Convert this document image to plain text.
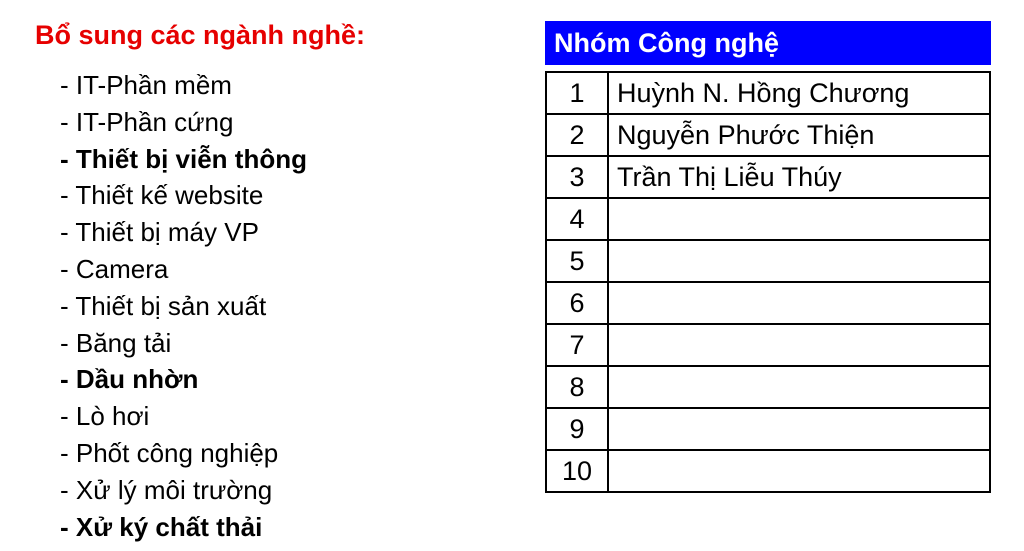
Bổ sung các ngành nghề:
- IT-Phần mềm
- IT-Phần cứng
- Thiết bị viễn thông
- Thiết kế website
- Thiết bị máy VP
- Camera
- Thiết bị sản xuất
- Băng tải
- Dầu nhờn
- Lò hơi
- Phốt công nghiệp
- Xử lý môi trường
- Xử ký chất thải
Nhóm Công nghệ
1	Huỳnh N. Hồng Chương
2	Nguyễn Phước Thiện
3	Trần Thị Liễu Thúy
4	
5	
6	
7	
8	
9	
10	
